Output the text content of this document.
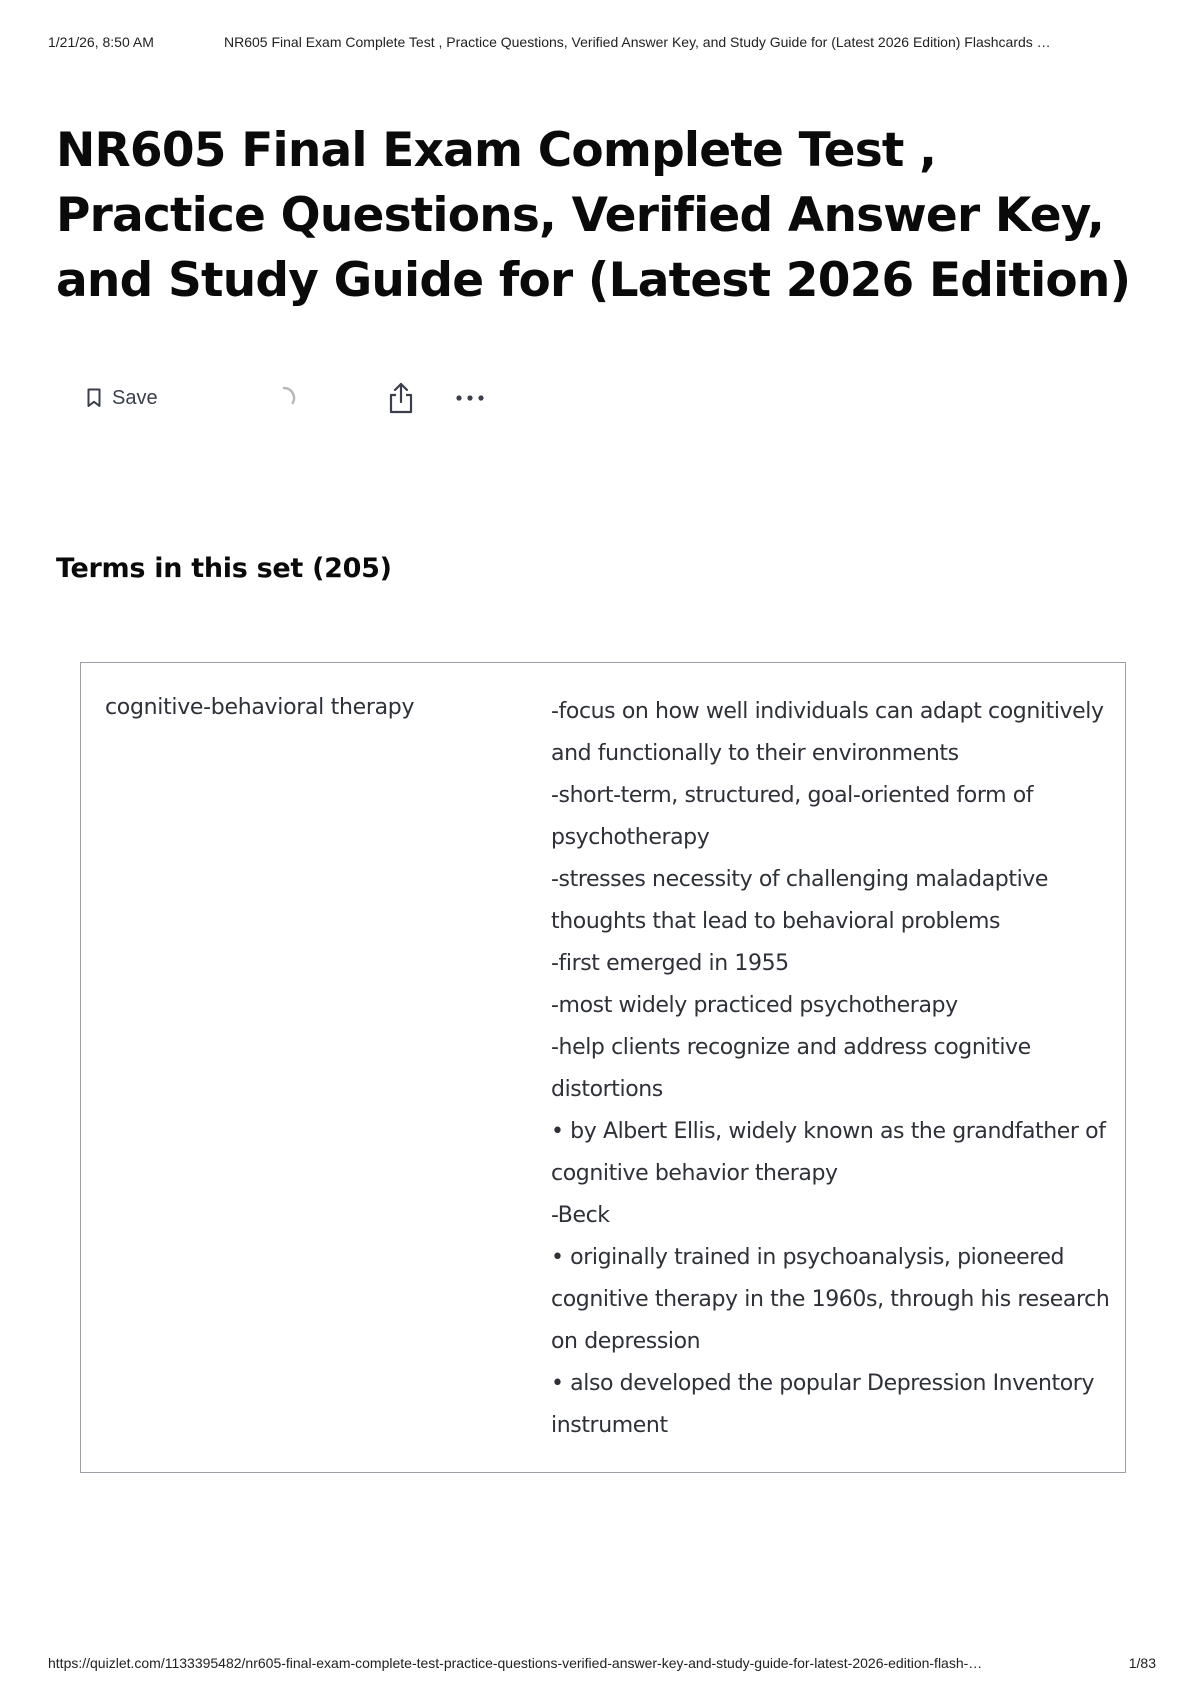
1/21/26, 8:50 AM	NR605 Final Exam Complete Test , Practice Questions, Verified Answer Key, and Study Guide for (Latest 2026 Edition) Flashcards …
NR605 Final Exam Complete Test , Practice Questions, Verified Answer Key, and Study Guide for (Latest 2026 Edition)
Save
Terms in this set (205)
cognitive-behavioral therapy	-focus on how well individuals can adapt cognitively and functionally to their environments
-short-term, structured, goal-oriented form of psychotherapy
-stresses necessity of challenging maladaptive thoughts that lead to behavioral problems
-first emerged in 1955
-most widely practiced psychotherapy
-help clients recognize and address cognitive distortions
• by Albert Ellis, widely known as the grandfather of cognitive behavior therapy
-Beck
• originally trained in psychoanalysis, pioneered cognitive therapy in the 1960s, through his research on depression
• also developed the popular Depression Inventory instrument
https://quizlet.com/1133395482/nr605-final-exam-complete-test-practice-questions-verified-answer-key-and-study-guide-for-latest-2026-edition-flash-…	1/83
